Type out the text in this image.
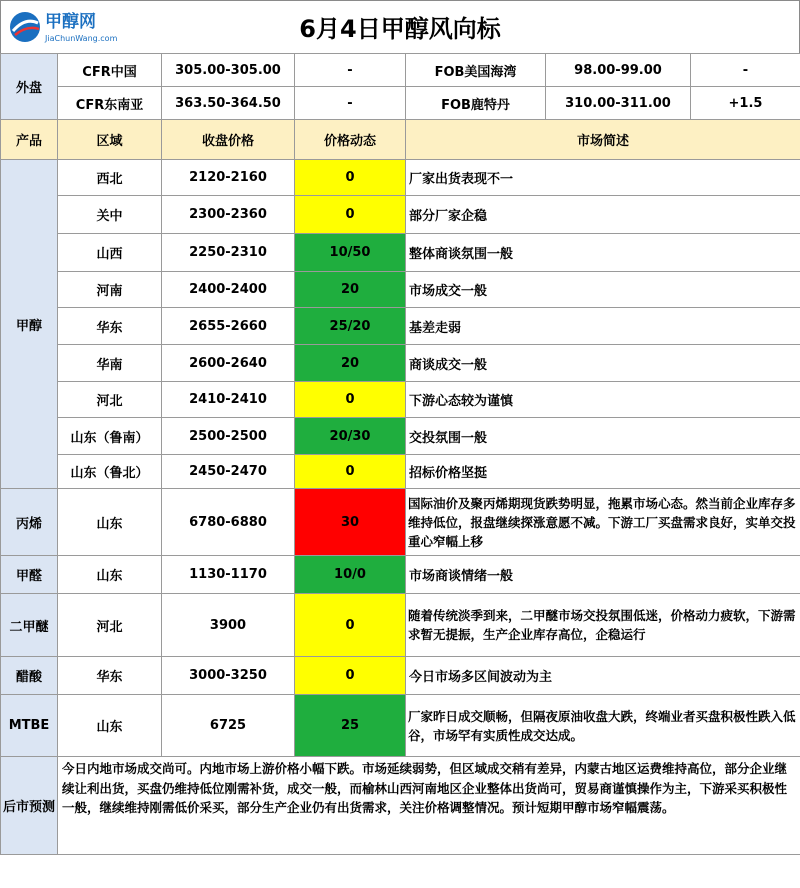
甲醇网
JiaChunWang.com	6月4日甲醇风向标
外盘	CFR中国	305.00-305.00	-	FOB美国海湾	98.00-99.00	-
	CFR东南亚	363.50-364.50	-	FOB鹿特丹	310.00-311.00	+1.5
产品	区域	收盘价格	价格动态	市场简述		
甲醇	西北	2120-2160	0	厂家出货表现不一		
	关中	2300-2360	0	部分厂家企稳		
	山西	2250-2310	10/50	整体商谈氛围一般		
	河南	2400-2400	20	市场成交一般		
	华东	2655-2660	25/20	基差走弱		
	华南	2600-2640	20	商谈成交一般		
	河北	2410-2410	0	下游心态较为谨慎		
	山东（鲁南）	2500-2500	20/30	交投氛围一般		
	山东（鲁北）	2450-2470	0	招标价格坚挺		
丙烯	山东	6780-6880	30	国际油价及聚丙烯期现货跌势明显，拖累市场心态。然当前企业库存多维持低位，报盘继续探涨意愿不减。下游工厂买盘需求良好，实单交投重心窄幅上移		
甲醛	山东	1130-1170	10/0	市场商谈情绪一般		
二甲醚	河北	3900	0	随着传统淡季到来，二甲醚市场交投氛围低迷，价格动力疲软，下游需求暂无提振，生产企业库存高位，企稳运行		
醋酸	华东	3000-3250	0	今日市场多区间波动为主		
MTBE	山东	6725	25	厂家昨日成交顺畅，但隔夜原油收盘大跌，终端业者买盘积极性跌入低谷，市场罕有实质性成交达成。		
后市预测	今日内地市场成交尚可。内地市场上游价格小幅下跌。市场延续弱势，但区域成交稍有差异，内蒙古地区运费维持高位，部分企业继续让利出货，买盘仍维持低位刚需补货，成交一般，而榆林山西河南地区企业整体出货尚可，贸易商谨慎操作为主，下游采买积极性一般，继续维持刚需低价采买，部分生产企业仍有出货需求，关注价格调整情况。预计短期甲醇市场窄幅震荡。					
